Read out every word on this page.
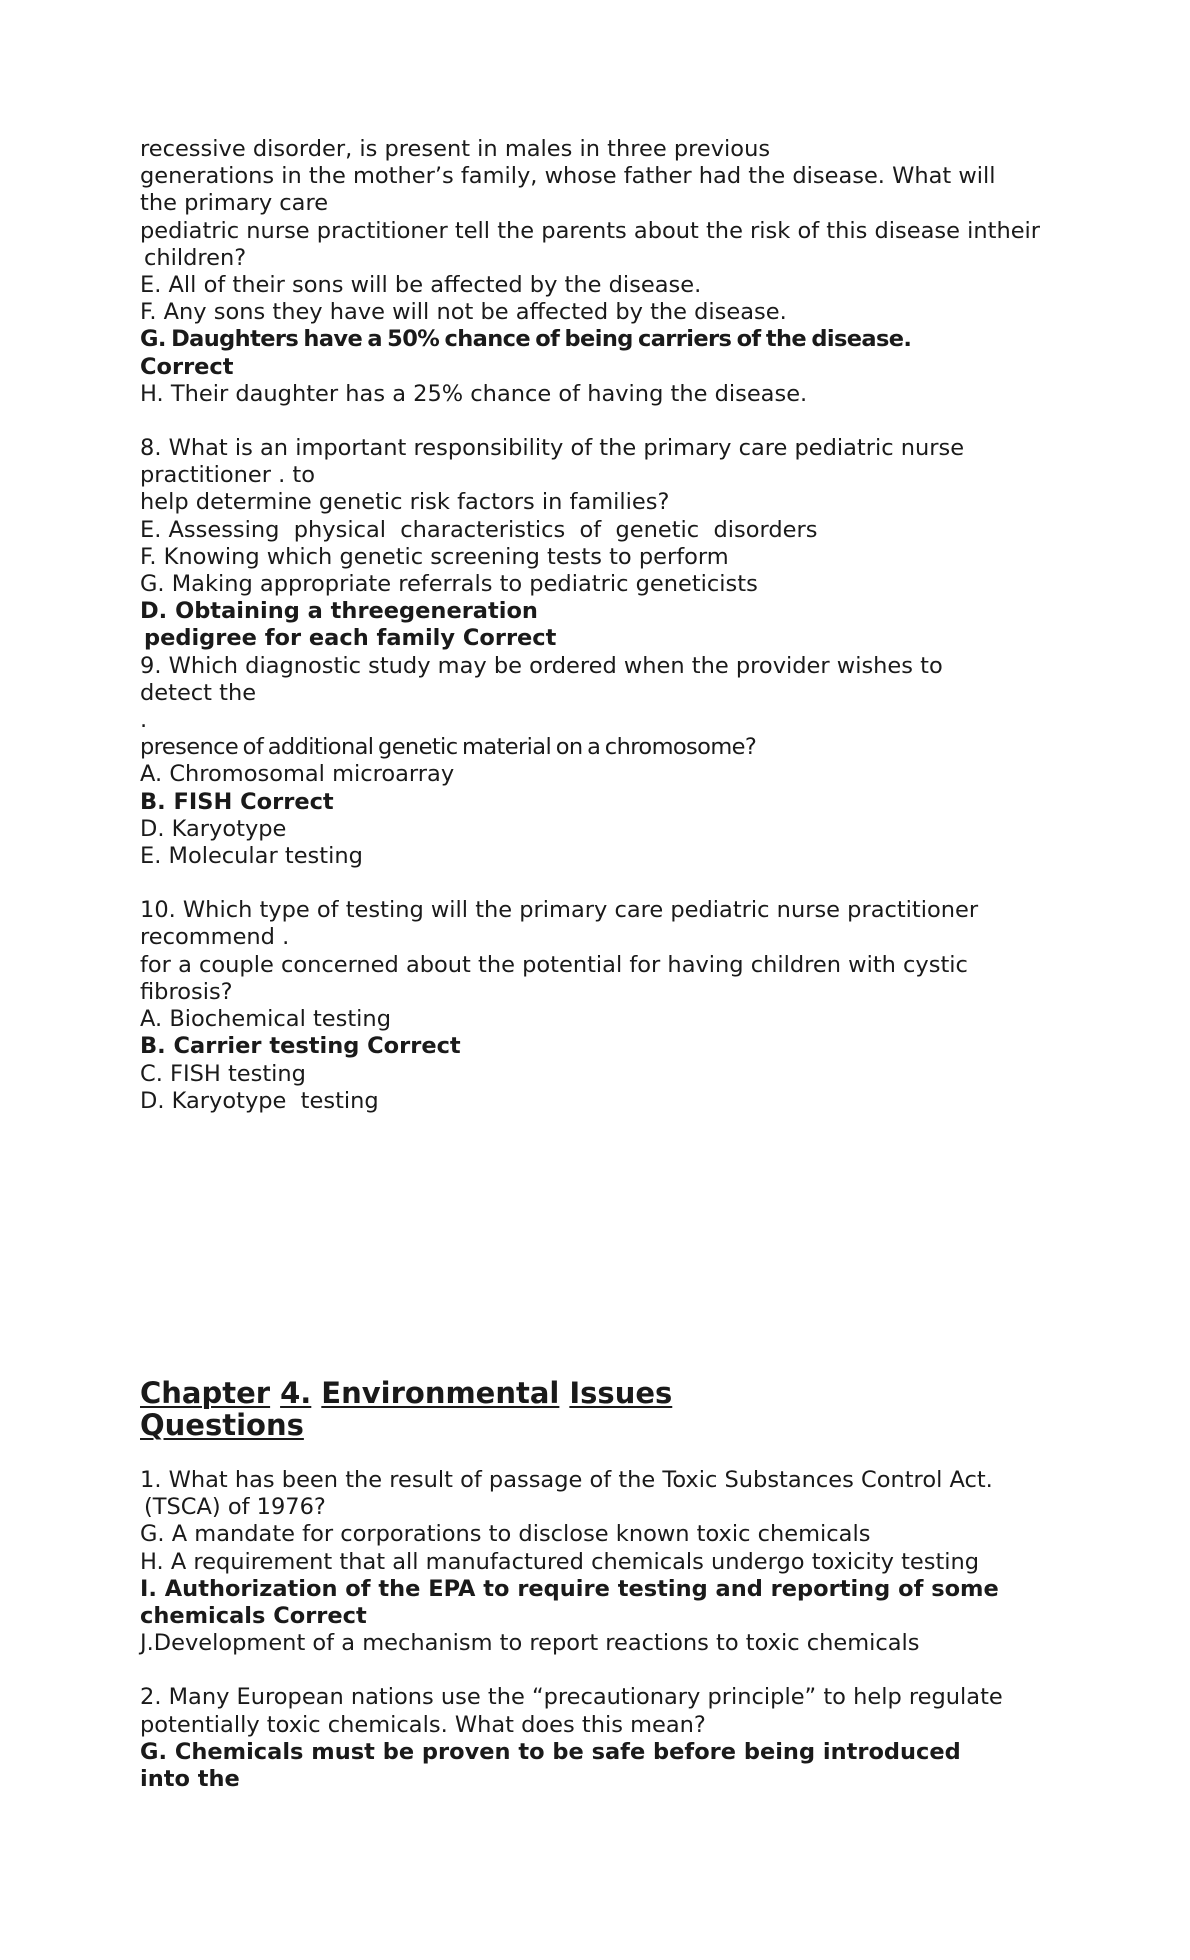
recessive disorder, is present in males in three previous
generations in the mother’s family, whose father had the disease. What will
the primary care
pediatric nurse practitioner tell the parents about the risk of this disease intheir
children?
E. All of their sons will be affected by the disease.
F. Any sons they have will not be affected by the disease.
G. Daughters have a 50% chance of being carriers of the disease.
Correct
H. Their daughter has a 25% chance of having the disease.
8. What is an important responsibility of the primary care pediatric nurse
practitioner . to
help determine genetic risk factors in families?
E. Assessing  physical  characteristics  of  genetic  disorders
F. Knowing which genetic screening tests to perform
G. Making appropriate referrals to pediatric geneticists
D. Obtaining a threegeneration
pedigree for each family Correct
9. Which diagnostic study may be ordered when the provider wishes to
detect the
.
presence of additional genetic material on a chromosome?
A. Chromosomal microarray
B. FISH Correct
D. Karyotype
E. Molecular testing
10. Which type of testing will the primary care pediatric nurse practitioner
recommend .
for a couple concerned about the potential for having children with cystic
fibrosis?
A. Biochemical testing
B. Carrier testing Correct
C. FISH testing
D. Karyotype  testing
Chapter 4. Environmental Issues
Questions
1. What has been the result of passage of the Toxic Substances Control Act.
(TSCA) of 1976?
G. A mandate for corporations to disclose known toxic chemicals
H. A requirement that all manufactured chemicals undergo toxicity testing
I. Authorization of the EPA to require testing and reporting of some
chemicals Correct
J.Development of a mechanism to report reactions to toxic chemicals
2. Many European nations use the “precautionary principle” to help regulate
potentially toxic chemicals. What does this mean?
G. Chemicals must be proven to be safe before being introduced
into the
